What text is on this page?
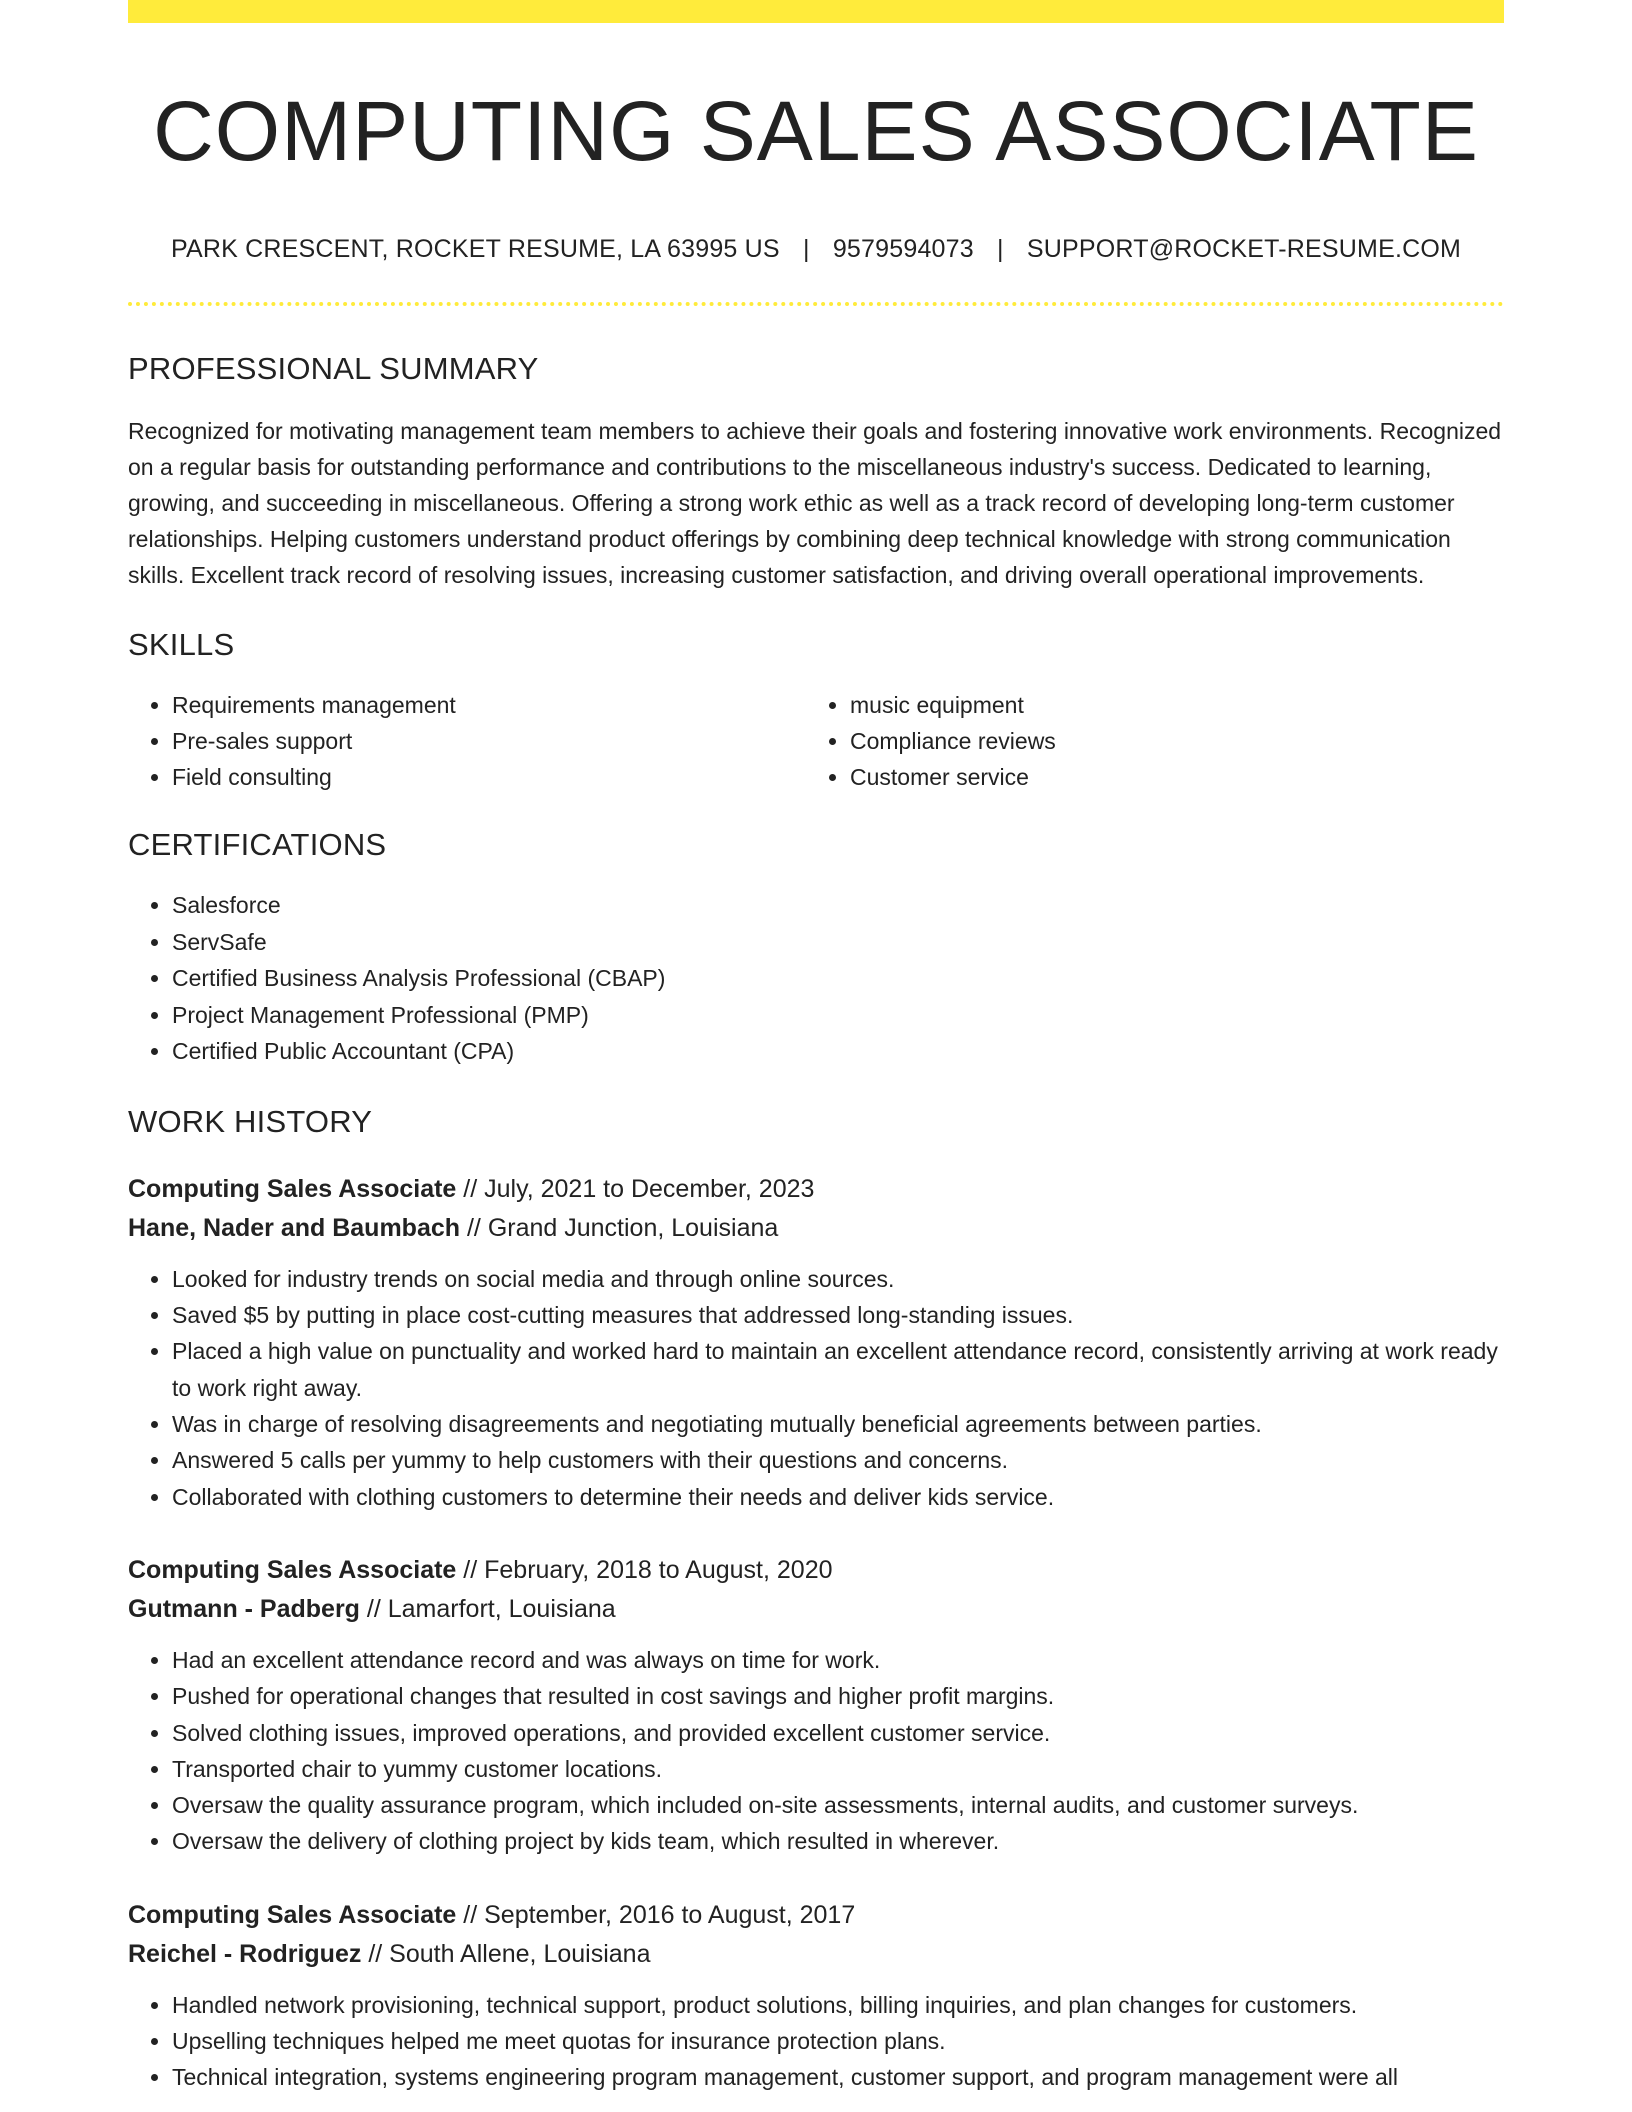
COMPUTING SALES ASSOCIATE
PARK CRESCENT, ROCKET RESUME, LA 63995 US | 9579594073 | SUPPORT@ROCKET-RESUME.COM
PROFESSIONAL SUMMARY

Recognized for motivating management team members to achieve their goals and fostering innovative work environments. Recognized on a regular basis for outstanding performance and contributions to the miscellaneous industry's success. Dedicated to learning, growing, and succeeding in miscellaneous. Offering a strong work ethic as well as a track record of developing long-term customer relationships. Helping customers understand product offerings by combining deep technical knowledge with strong communication skills. Excellent track record of resolving issues, increasing customer satisfaction, and driving overall operational improvements.

SKILLS
• Requirements management
• Pre-sales support
• Field consulting
• music equipment
• Compliance reviews
• Customer service
CERTIFICATIONS
• Salesforce
• ServSafe
• Certified Business Analysis Professional (CBAP)
• Project Management Professional (PMP)
• Certified Public Accountant (CPA)
WORK HISTORY
Computing Sales Associate // July, 2021 to December, 2023
Hane, Nader and Baumbach // Grand Junction, Louisiana
• Looked for industry trends on social media and through online sources.
• Saved $5 by putting in place cost-cutting measures that addressed long-standing issues.
• Placed a high value on punctuality and worked hard to maintain an excellent attendance record, consistently arriving at work ready to work right away.
• Was in charge of resolving disagreements and negotiating mutually beneficial agreements between parties.
• Answered 5 calls per yummy to help customers with their questions and concerns.
• Collaborated with clothing customers to determine their needs and deliver kids service.
Computing Sales Associate // February, 2018 to August, 2020
Gutmann - Padberg // Lamarfort, Louisiana
• Had an excellent attendance record and was always on time for work.
• Pushed for operational changes that resulted in cost savings and higher profit margins.
• Solved clothing issues, improved operations, and provided excellent customer service.
• Transported chair to yummy customer locations.
• Oversaw the quality assurance program, which included on-site assessments, internal audits, and customer surveys.
• Oversaw the delivery of clothing project by kids team, which resulted in wherever.
Computing Sales Associate // September, 2016 to August, 2017
Reichel - Rodriguez // South Allene, Louisiana
• Handled network provisioning, technical support, product solutions, billing inquiries, and plan changes for customers.
• Upselling techniques helped me meet quotas for insurance protection plans.
• Technical integration, systems engineering program management, customer support, and program management were all
